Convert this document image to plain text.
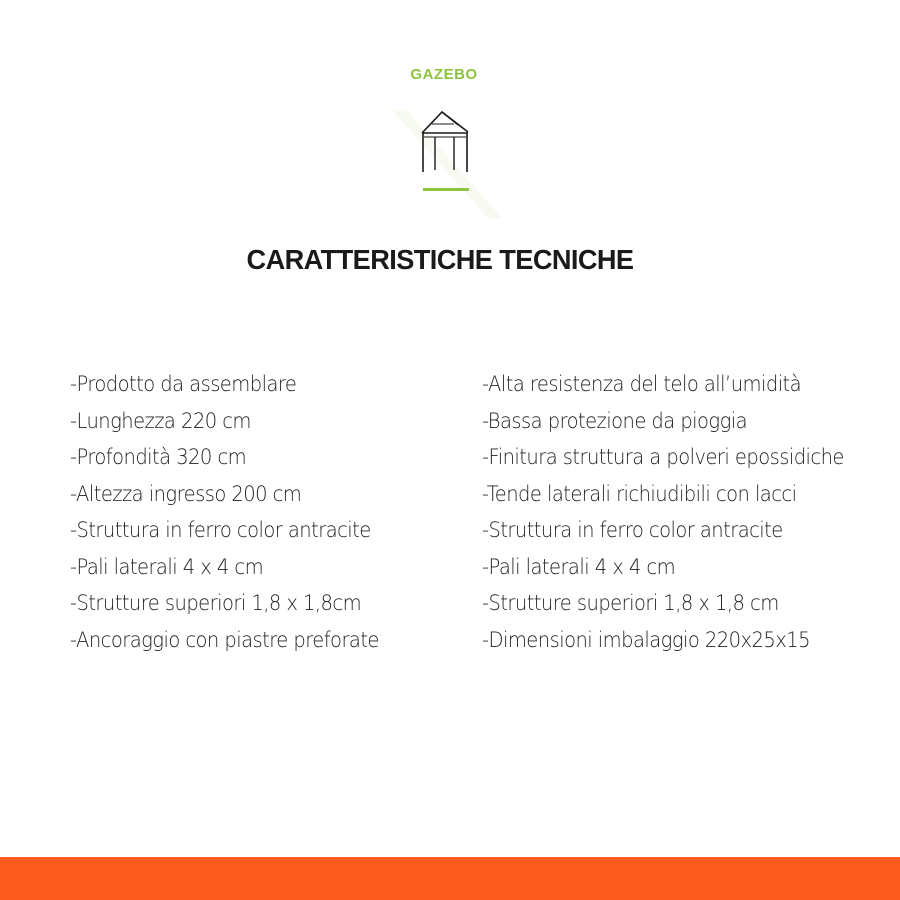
GAZEBO
CARATTERISTICHE TECNICHE
-Prodotto da assemblare
-Lunghezza 220 cm
-Profondità 320 cm
-Altezza ingresso 200 cm
-Struttura in ferro color antracite
-Pali laterali 4 x 4 cm
-Strutture superiori 1,8 x 1,8cm
-Ancoraggio con piastre preforate
-Alta resistenza del telo all’umidità
-Bassa protezione da pioggia
-Finitura struttura a polveri epossidiche
-Tende laterali richiudibili con lacci
-Struttura in ferro color antracite
-Pali laterali 4 x 4 cm
-Strutture superiori 1,8 x 1,8 cm
-Dimensioni imbalaggio 220x25x15
